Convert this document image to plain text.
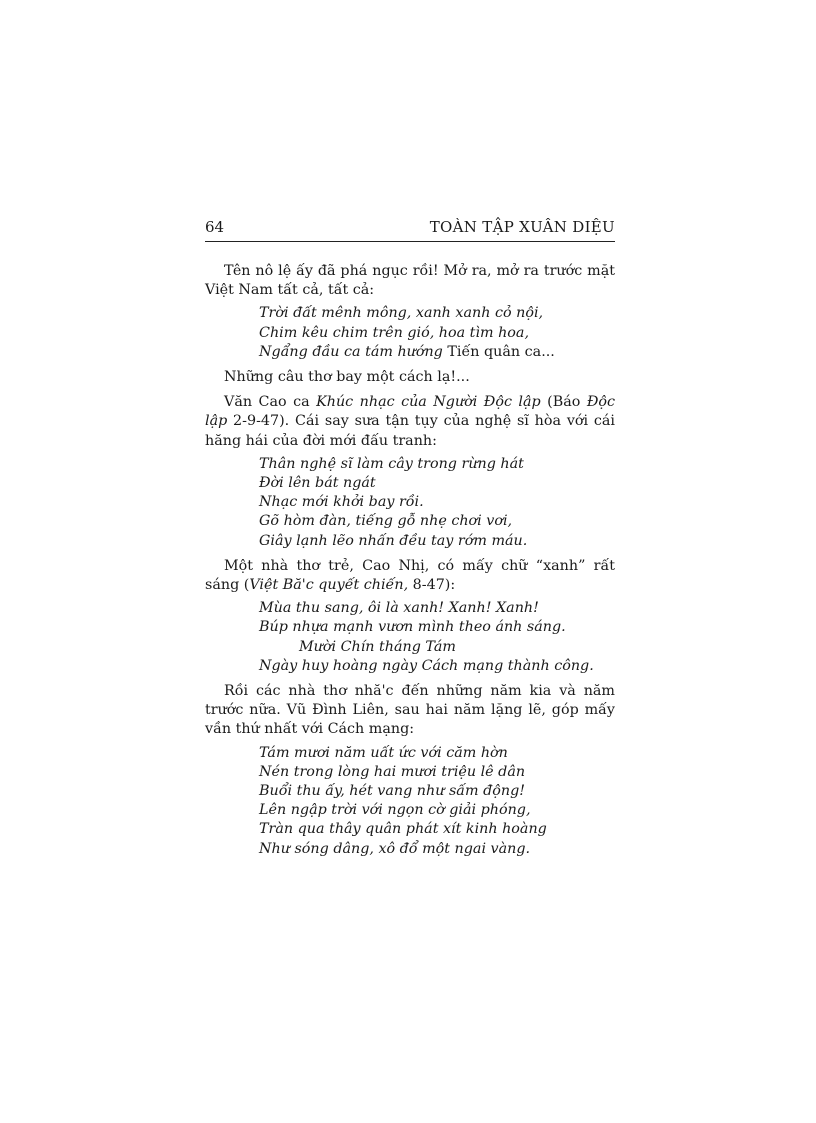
64	TOÀN TẬP XUÂN DIỆU

Tên nô lệ ấy đã phá ngục rồi! Mở ra, mở ra trước mặt Việt Nam tất cả, tất cả:

Trời đất mênh mông, xanh xanh cỏ nội,
Chim kêu chim trên gió, hoa tìm hoa,
Ngẩng đầu ca tám hướng Tiến quân ca...

Những câu thơ bay một cách lạ!...

Văn Cao ca Khúc nhạc của Người Độc lập (Báo Độc lập 2-9-47). Cái say sưa tận tụy của nghệ sĩ hòa với cái hăng hái của đời mới đấu tranh:

Thân nghệ sĩ làm cây trong rừng hát
Đời lên bát ngát
Nhạc mới khởi bay rồi.
Gõ hòm đàn, tiếng gỗ nhẹ chơi vơi,
Giây lạnh lẽo nhấn đều tay rớm máu.

Một nhà thơ trẻ, Cao Nhị, có mấy chữ “xanh” rất sáng (Việt Bă'c quyết chiến, 8-47):

Mùa thu sang, ôi là xanh! Xanh! Xanh!
Búp nhựa mạnh vươn mình theo ánh sáng.
Mười Chín tháng Tám
Ngày huy hoàng ngày Cách mạng thành công.

Rồi các nhà thơ nhă'c đến những năm kia và năm trước nữa. Vũ Đình Liên, sau hai năm lặng lẽ, góp mấy vần thứ nhất với Cách mạng:

Tám mươi năm uất ức với căm hờn
Nén trong lòng hai mươi triệu lê dân
Buổi thu ấy, hét vang như sấm động!
Lên ngập trời với ngọn cờ giải phóng,
Tràn qua thây quân phát xít kinh hoàng
Như sóng dâng, xô đổ một ngai vàng.
